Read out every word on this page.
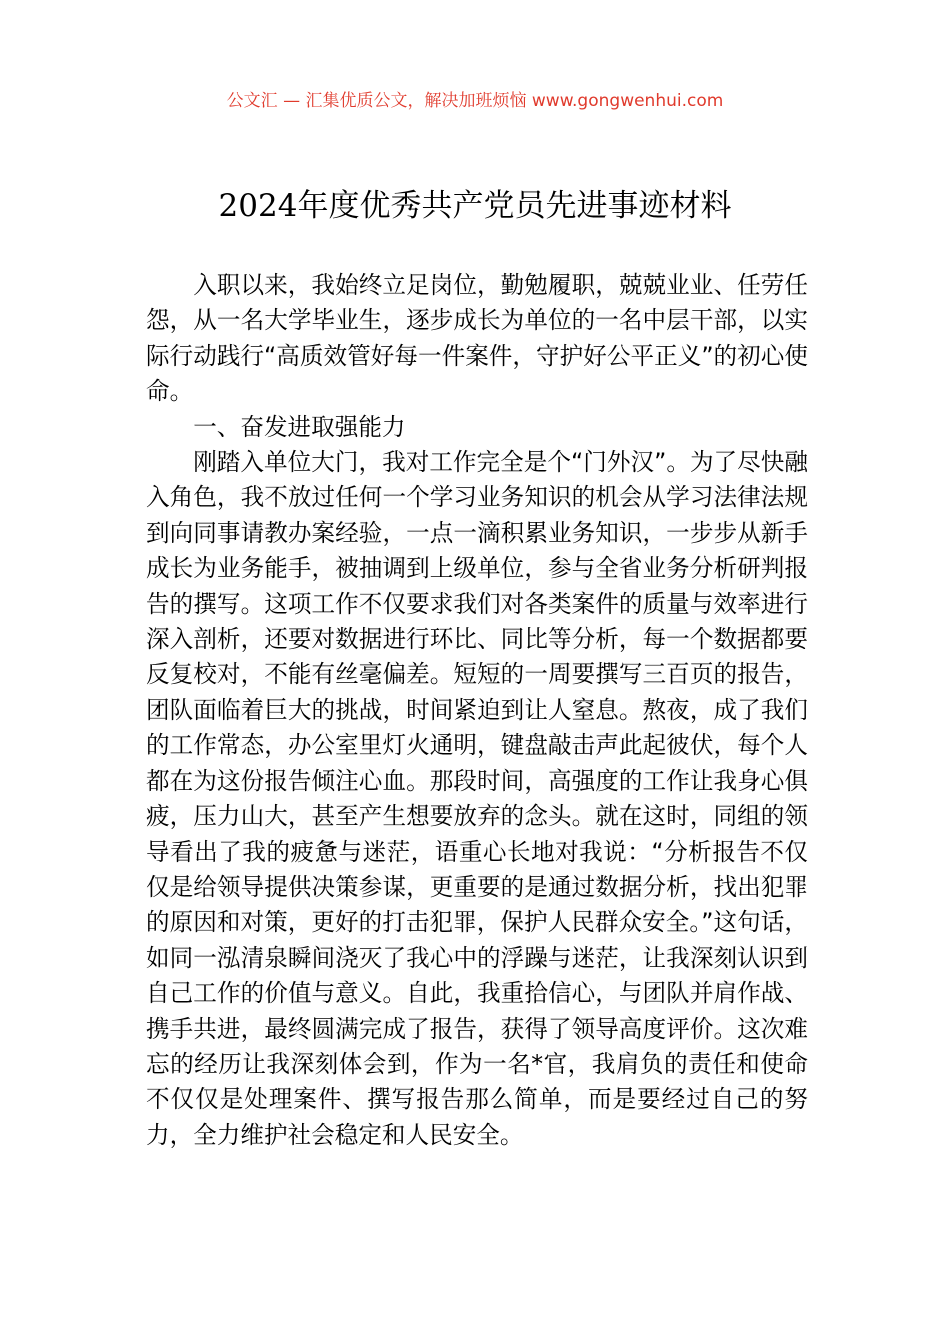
公文汇 — 汇集优质公文，解决加班烦恼 www.gongwenhui.com
2024年度优秀共产党员先进事迹材料

入职以来，我始终立足岗位，勤勉履职，兢兢业业、任劳任怨，从一名大学毕业生，逐步成长为单位的一名中层干部，以实际行动践行“高质效管好每一件案件，守护好公平正义”的初心使命。

一、奋发进取强能力

刚踏入单位大门，我对工作完全是个“门外汉”。为了尽快融入角色，我不放过任何一个学习业务知识的机会从学习法律法规到向同事请教办案经验，一点一滴积累业务知识，一步步从新手成长为业务能手，被抽调到上级单位，参与全省业务分析研判报告的撰写。这项工作不仅要求我们对各类案件的质量与效率进行深入剖析，还要对数据进行环比、同比等分析，每一个数据都要反复校对，不能有丝毫偏差。短短的一周要撰写三百页的报告，团队面临着巨大的挑战，时间紧迫到让人窒息。熬夜，成了我们的工作常态，办公室里灯火通明，键盘敲击声此起彼伏，每个人都在为这份报告倾注心血。那段时间，高强度的工作让我身心俱疲，压力山大，甚至产生想要放弃的念头。就在这时，同组的领导看出了我的疲惫与迷茫，语重心长地对我说：“分析报告不仅仅是给领导提供决策参谋，更重要的是通过数据分析，找出犯罪的原因和对策，更好的打击犯罪，保护人民群众安全。”这句话，如同一泓清泉瞬间浇灭了我心中的浮躁与迷茫，让我深刻认识到自己工作的价值与意义。自此，我重拾信心，与团队并肩作战、携手共进，最终圆满完成了报告，获得了领导高度评价。这次难忘的经历让我深刻体会到，作为一名*官，我肩负的责任和使命不仅仅是处理案件、撰写报告那么简单，而是要经过自己的努力，全力维护社会稳定和人民安全。
